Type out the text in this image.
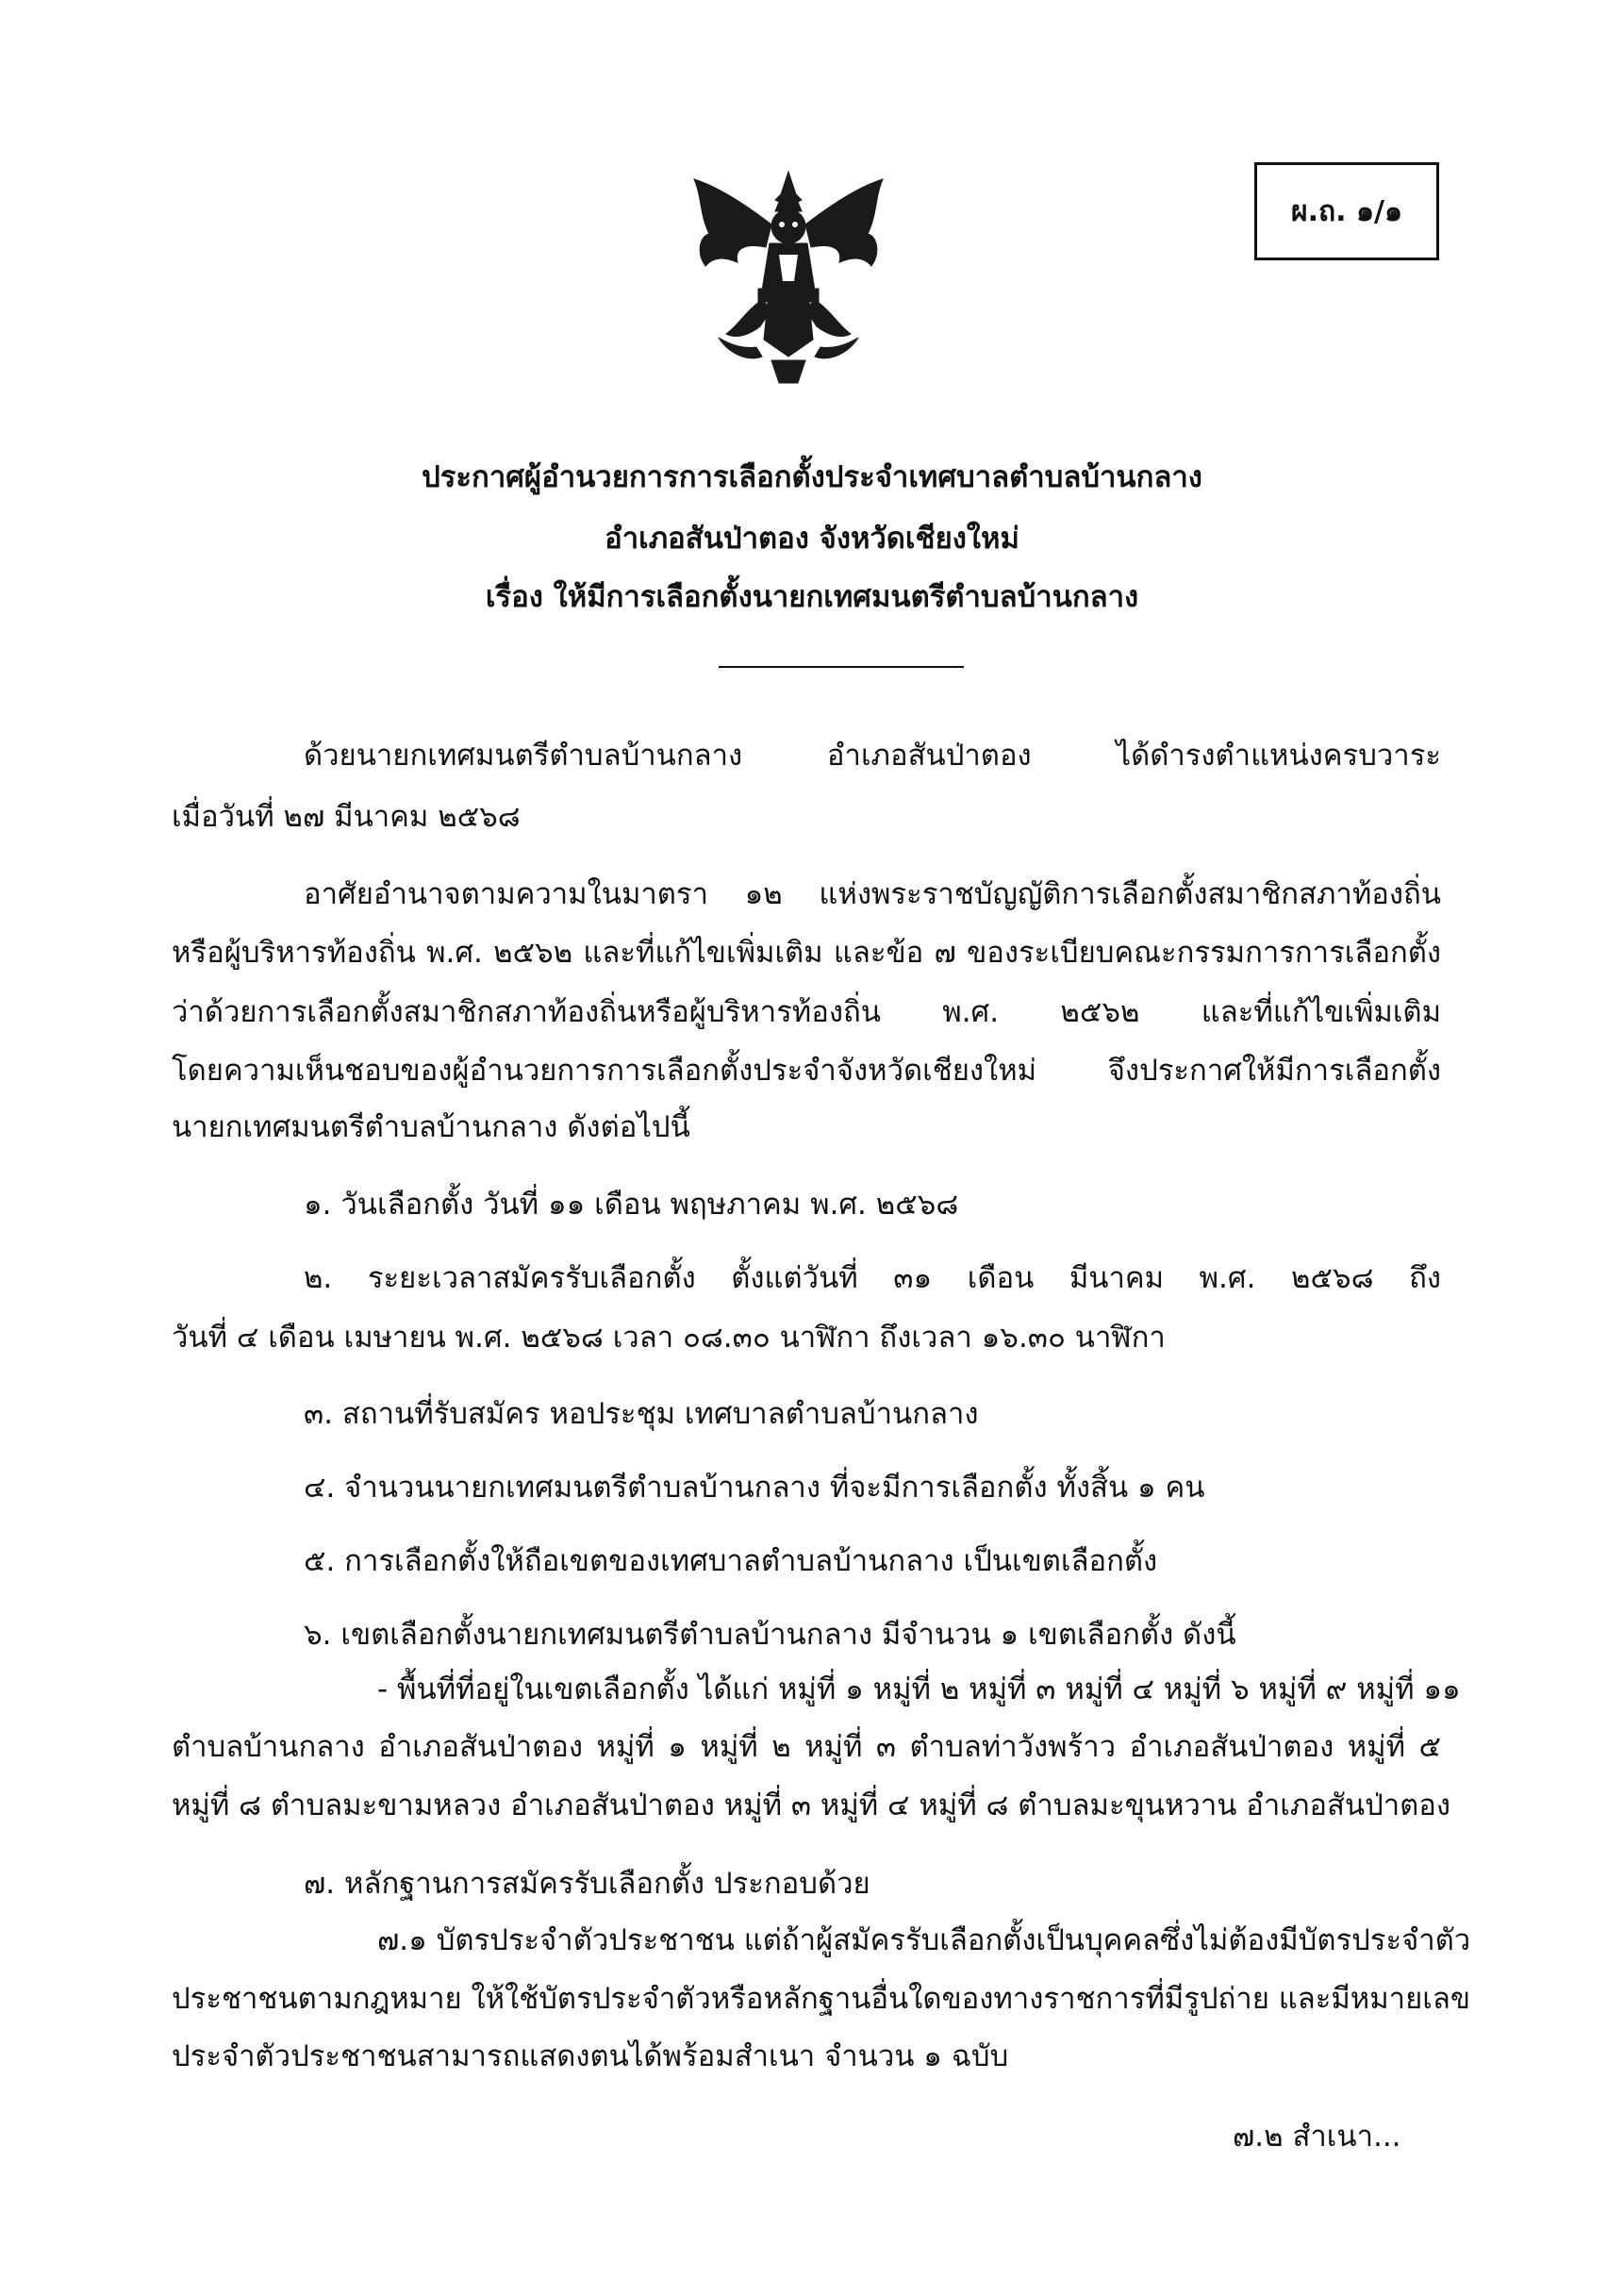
ผ.ถ. ๑/๑
ประกาศผู้อำนวยการการเลือกตั้งประจำเทศบาลตำบลบ้านกลาง
อำเภอสันป่าตอง จังหวัดเชียงใหม่
เรื่อง ให้มีการเลือกตั้งนายกเทศมนตรีตำบลบ้านกลาง
ด้วยนายกเทศมนตรีตำบลบ้านกลาง อำเภอสันป่าตอง ได้ดำรงตำแหน่งครบวาระ
เมื่อวันที่ ๒๗ มีนาคม ๒๕๖๘
อาศัยอำนาจตามความในมาตรา ๑๒ แห่งพระราชบัญญัติการเลือกตั้งสมาชิกสภาท้องถิ่น
หรือผู้บริหารท้องถิ่น พ.ศ. ๒๕๖๒ และที่แก้ไขเพิ่มเติม และข้อ ๗ ของระเบียบคณะกรรมการการเลือกตั้ง
ว่าด้วยการเลือกตั้งสมาชิกสภาท้องถิ่นหรือผู้บริหารท้องถิ่น พ.ศ. ๒๕๖๒ และที่แก้ไขเพิ่มเติม
โดยความเห็นชอบของผู้อำนวยการการเลือกตั้งประจำจังหวัดเชียงใหม่ จึงประกาศให้มีการเลือกตั้ง
นายกเทศมนตรีตำบลบ้านกลาง ดังต่อไปนี้
๑. วันเลือกตั้ง วันที่ ๑๑ เดือน พฤษภาคม พ.ศ. ๒๕๖๘
๒. ระยะเวลาสมัครรับเลือกตั้ง ตั้งแต่วันที่ ๓๑ เดือน มีนาคม พ.ศ. ๒๕๖๘ ถึง
วันที่ ๔ เดือน เมษายน พ.ศ. ๒๕๖๘ เวลา ๐๘.๓๐ นาฬิกา ถึงเวลา ๑๖.๓๐ นาฬิกา
๓. สถานที่รับสมัคร หอประชุม เทศบาลตำบลบ้านกลาง
๔. จำนวนนายกเทศมนตรีตำบลบ้านกลาง ที่จะมีการเลือกตั้ง ทั้งสิ้น ๑ คน
๕. การเลือกตั้งให้ถือเขตของเทศบาลตำบลบ้านกลาง เป็นเขตเลือกตั้ง
๖. เขตเลือกตั้งนายกเทศมนตรีตำบลบ้านกลาง มีจำนวน ๑ เขตเลือกตั้ง ดังนี้
- พื้นที่ที่อยู่ในเขตเลือกตั้ง ได้แก่ หมู่ที่ ๑ หมู่ที่ ๒ หมู่ที่ ๓ หมู่ที่ ๔ หมู่ที่ ๖ หมู่ที่ ๙ หมู่ที่ ๑๑
ตำบลบ้านกลาง อำเภอสันป่าตอง หมู่ที่ ๑ หมู่ที่ ๒ หมู่ที่ ๓ ตำบลท่าวังพร้าว อำเภอสันป่าตอง หมู่ที่ ๕
หมู่ที่ ๘ ตำบลมะขามหลวง อำเภอสันป่าตอง หมู่ที่ ๓ หมู่ที่ ๔ หมู่ที่ ๘ ตำบลมะขุนหวาน อำเภอสันป่าตอง
๗. หลักฐานการสมัครรับเลือกตั้ง ประกอบด้วย
๗.๑ บัตรประจำตัวประชาชน แต่ถ้าผู้สมัครรับเลือกตั้งเป็นบุคคลซึ่งไม่ต้องมีบัตรประจำตัว
ประชาชนตามกฎหมาย ให้ใช้บัตรประจำตัวหรือหลักฐานอื่นใดของทางราชการที่มีรูปถ่าย และมีหมายเลข
ประจำตัวประชาชนสามารถแสดงตนได้พร้อมสำเนา จำนวน ๑ ฉบับ
๗.๒ สำเนา...
